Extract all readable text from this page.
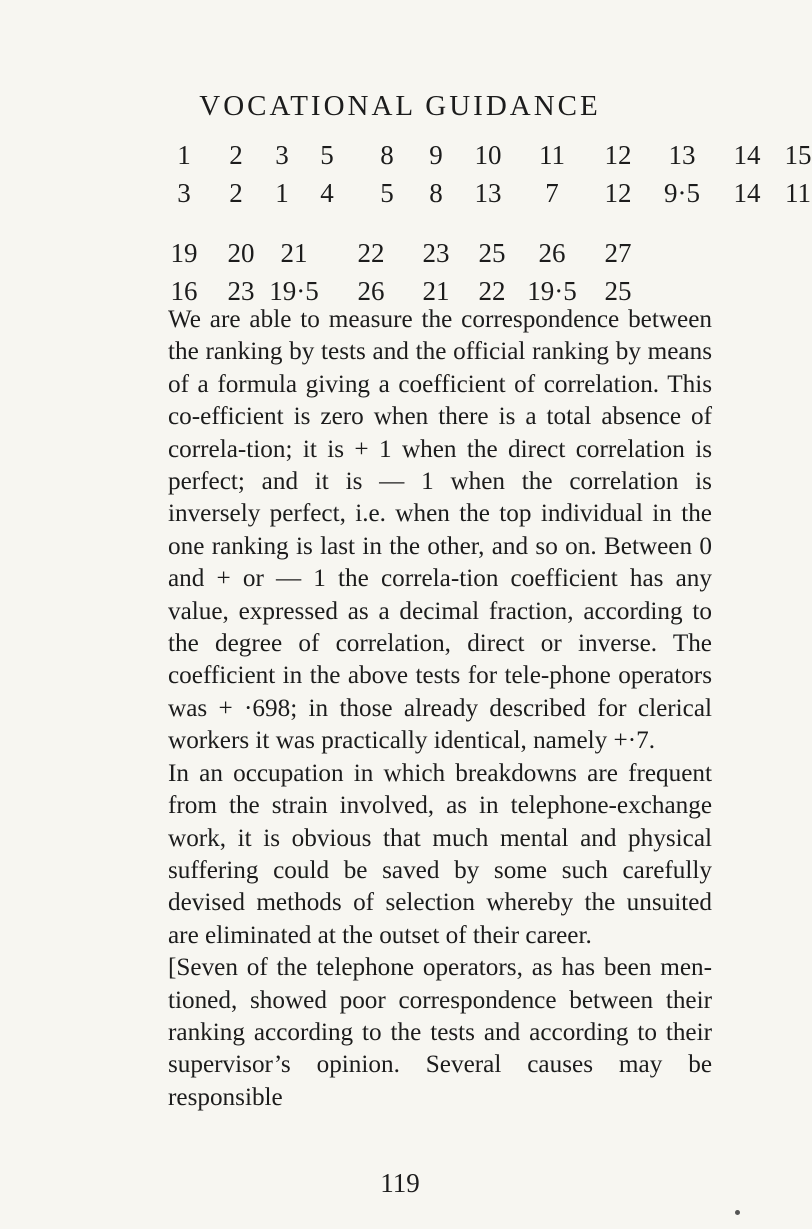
VOCATIONAL GUIDANCE
1 2 3 5 8 9 10 11 12 13 14 15
3 2 1 4 5 8 13 7 12 9·5 14 11
19 20 21 22 23 25 26 27
16 23 19·5 26 21 22 19·5 25

We are able to measure the correspondence between the ranking by tests and the official ranking by means of a formula giving a coefficient of correlation. This co-efficient is zero when there is a total absence of correla-tion; it is + 1 when the direct correlation is perfect; and it is — 1 when the correlation is inversely perfect, i.e. when the top individual in the one ranking is last in the other, and so on. Between 0 and + or — 1 the correla-tion coefficient has any value, expressed as a decimal fraction, according to the degree of correlation, direct or inverse. The coefficient in the above tests for tele-phone operators was + ·698; in those already described for clerical workers it was practically identical, namely +·7.

In an occupation in which breakdowns are frequent from the strain involved, as in telephone-exchange work, it is obvious that much mental and physical suffering could be saved by some such carefully devised methods of selection whereby the unsuited are eliminated at the outset of their career.

[Seven of the telephone operators, as has been men-tioned, showed poor correspondence between their ranking according to the tests and according to their supervisor’s opinion. Several causes may be responsible

119
